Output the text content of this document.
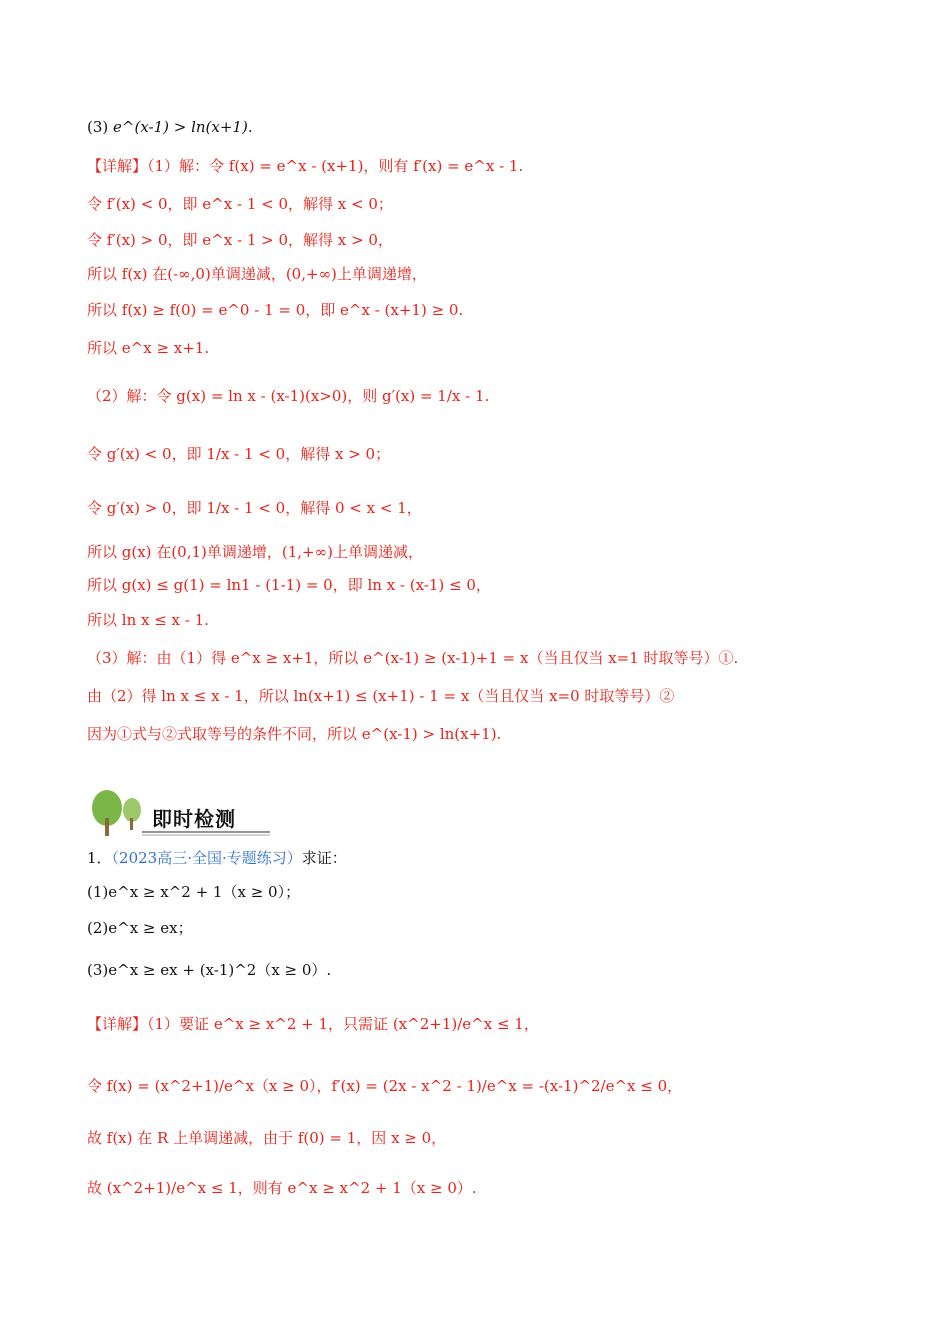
(3) e^(x-1) > ln(x+1).
【详解】（1）解：令 f(x) = e^x - (x+1)，则有 f′(x) = e^x - 1.
令 f′(x) < 0，即 e^x - 1 < 0，解得 x < 0；
令 f′(x) > 0，即 e^x - 1 > 0，解得 x > 0，
所以 f(x) 在(-∞,0)单调递减，(0,+∞)上单调递增，
所以 f(x) ≥ f(0) = e^0 - 1 = 0，即 e^x - (x+1) ≥ 0.
所以 e^x ≥ x+1.
（2）解：令 g(x) = ln x - (x-1)(x>0)，则 g′(x) = 1/x - 1.
令 g′(x) < 0，即 1/x - 1 < 0，解得 x > 0；
令 g′(x) > 0，即 1/x - 1 < 0，解得 0 < x < 1，
所以 g(x) 在(0,1)单调递增，(1,+∞)上单调递减，
所以 g(x) ≤ g(1) = ln1 - (1-1) = 0，即 ln x - (x-1) ≤ 0，
所以 ln x ≤ x - 1.
（3）解：由（1）得 e^x ≥ x+1，所以 e^(x-1) ≥ (x-1)+1 = x（当且仅当 x=1 时取等号）①.
由（2）得 ln x ≤ x - 1，所以 ln(x+1) ≤ (x+1) - 1 = x（当且仅当 x=0 时取等号）②
因为①式与②式取等号的条件不同，所以 e^(x-1) > ln(x+1).
即时检测
1．（2023高三·全国·专题练习）求证：
(1)e^x ≥ x^2 + 1（x ≥ 0）；
(2)e^x ≥ ex；
(3)e^x ≥ ex + (x-1)^2（x ≥ 0）.
【详解】（1）要证 e^x ≥ x^2 + 1，只需证 (x^2+1)/e^x ≤ 1，
令 f(x) = (x^2+1)/e^x（x ≥ 0），f′(x) = (2x - x^2 - 1)/e^x = -(x-1)^2/e^x ≤ 0，
故 f(x) 在 R 上单调递减，由于 f(0) = 1，因 x ≥ 0，
故 (x^2+1)/e^x ≤ 1，则有 e^x ≥ x^2 + 1（x ≥ 0）.
